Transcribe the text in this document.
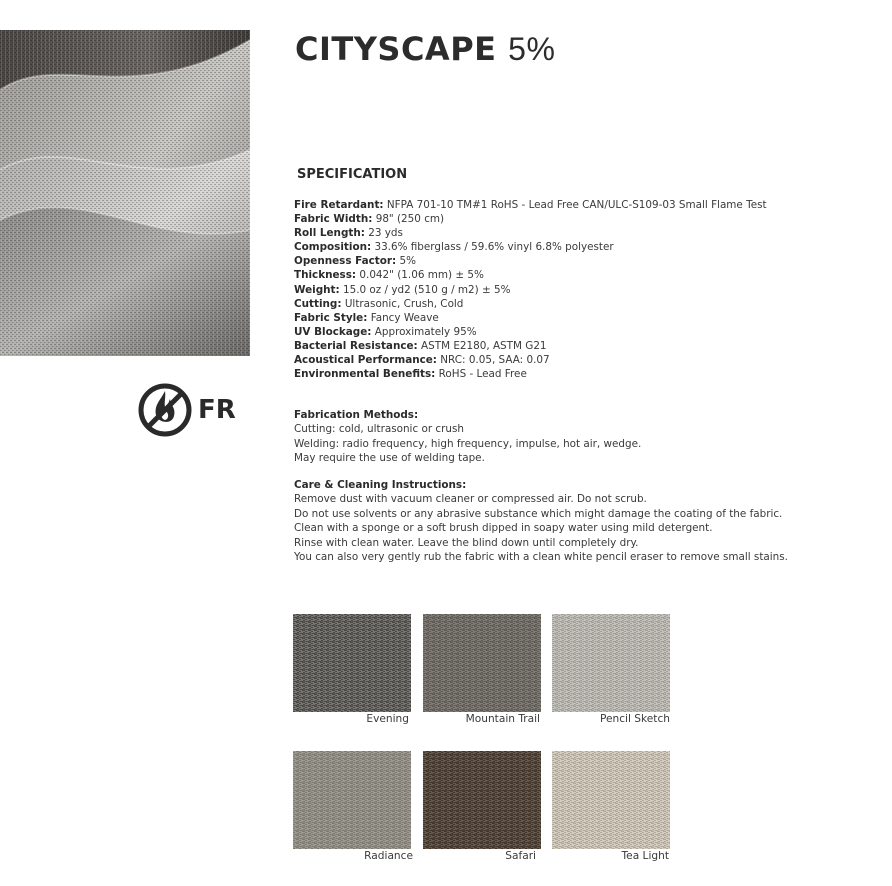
FR
CITYSCAPE 5%
SPECIFICATION
Fire Retardant: NFPA 701-10 TM#1 RoHS - Lead Free CAN/ULC-S109-03 Small Flame Test
Fabric Width: 98" (250 cm)
Roll Length: 23 yds
Composition: 33.6% fiberglass / 59.6% vinyl 6.8% polyester
Openness Factor: 5%
Thickness: 0.042" (1.06 mm) ± 5%
Weight: 15.0 oz / yd2 (510 g / m2) ± 5%
Cutting: Ultrasonic, Crush, Cold
Fabric Style: Fancy Weave
UV Blockage: Approximately 95%
Bacterial Resistance: ASTM E2180, ASTM G21
Acoustical Performance: NRC: 0.05, SAA: 0.07
Environmental Benefits: RoHS - Lead Free
Fabrication Methods:
Cutting: cold, ultrasonic or crush
Welding: radio frequency, high frequency, impulse, hot air, wedge.
May require the use of welding tape.
Care & Cleaning Instructions:
Remove dust with vacuum cleaner or compressed air. Do not scrub.
Do not use solvents or any abrasive substance which might damage the coating of the fabric.
Clean with a sponge or a soft brush dipped in soapy water using mild detergent.
Rinse with clean water. Leave the blind down until completely dry.
You can also very gently rub the fabric with a clean white pencil eraser to remove small stains.
Evening	Mountain Trail	Pencil Sketch
Radiance	Safari	Tea Light
